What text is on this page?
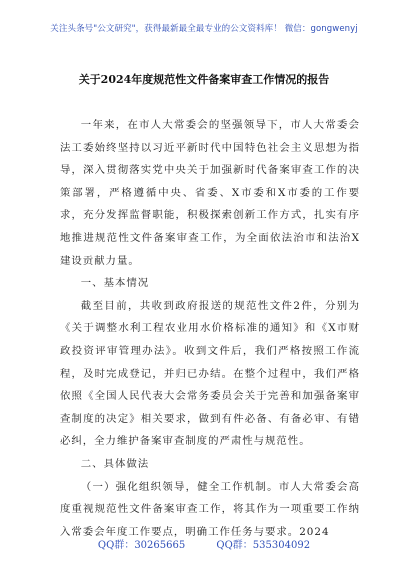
关注头条号"公文研究"，获得最新最全最专业的公文资料库！ 微信：gongwenyj
关于2024年度规范性文件备案审查工作情况的报告

一年来，在市人大常委会的坚强领导下，市人大常委会法工委始终坚持以习近平新时代中国特色社会主义思想为指导，深入贯彻落实党中央关于加强新时代备案审查工作的决策部署，严格遵循中央、省委、X市委和X市委的工作要求，充分发挥监督职能，积极探索创新工作方式，扎实有序地推进规范性文件备案审查工作，为全面依法治市和法治X建设贡献力量。

一、基本情况

截至目前，共收到政府报送的规范性文件2件，分别为《关于调整水利工程农业用水价格标准的通知》和《X市财政投资评审管理办法》。收到文件后，我们严格按照工作流程，及时完成登记，并归已办结。在整个过程中，我们严格依照《全国人民代表大会常务委员会关于完善和加强备案审查制度的决定》相关要求，做到有件必备、有备必审、有错必纠，全力维护备案审查制度的严肃性与规范性。

二、具体做法

（一）强化组织领导，健全工作机制。市人大常委会高度重视规范性文件备案审查工作，将其作为一项重要工作纳入常委会年度工作要点，明确工作任务与要求。2024

QQ群：30265665	QQ群：535304092
